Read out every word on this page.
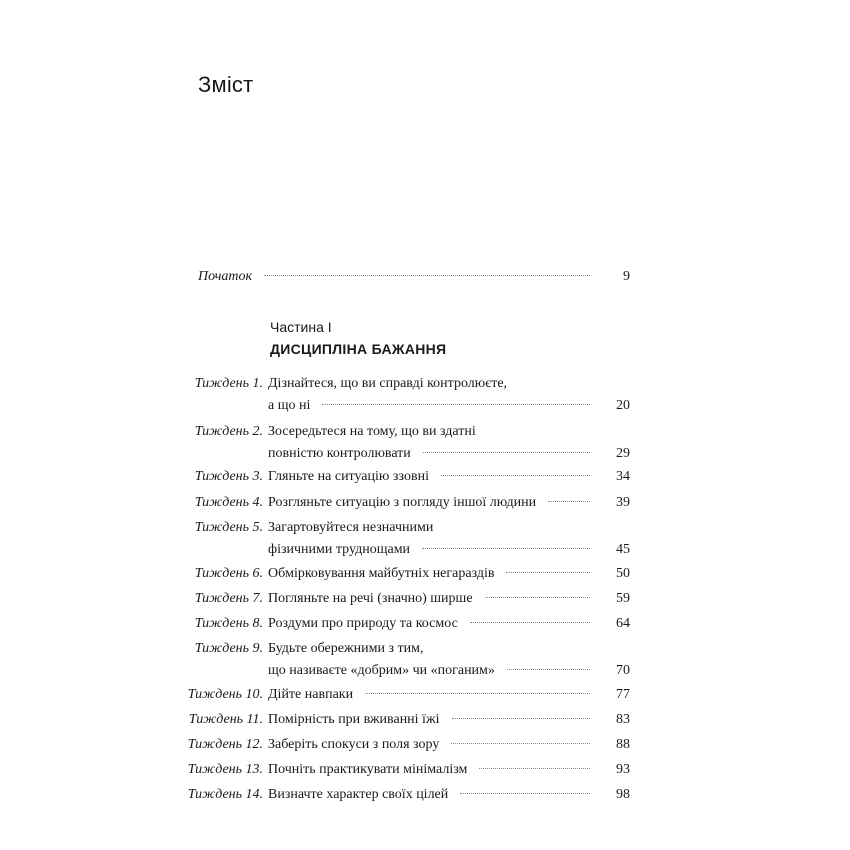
Зміст
Початок	9
Частина I
ДИСЦИПЛІНА БАЖАННЯ
Тиждень 1. Дізнайтеся, що ви справді контролюєте,
а що ні	20
Тиждень 2. Зосередьтеся на тому, що ви здатні
повністю контролювати	29
Тиждень 3. Гляньте на ситуацію ззовні	34
Тиждень 4. Розгляньте ситуацію з погляду іншої людини	39
Тиждень 5. Загартовуйтеся незначними
фізичними труднощами	45
Тиждень 6. Обмірковування майбутніх негараздів	50
Тиждень 7. Погляньте на речі (значно) ширше	59
Тиждень 8. Роздуми про природу та космос	64
Тиждень 9. Будьте обережними з тим,
що називаєте «добрим» чи «поганим»	70
Тиждень 10. Дійте навпаки	77
Тиждень 11. Помірність при вживанні їжі	83
Тиждень 12. Заберіть спокуси з поля зору	88
Тиждень 13. Почніть практикувати мінімалізм	93
Тиждень 14. Визначте характер своїх цілей	98
